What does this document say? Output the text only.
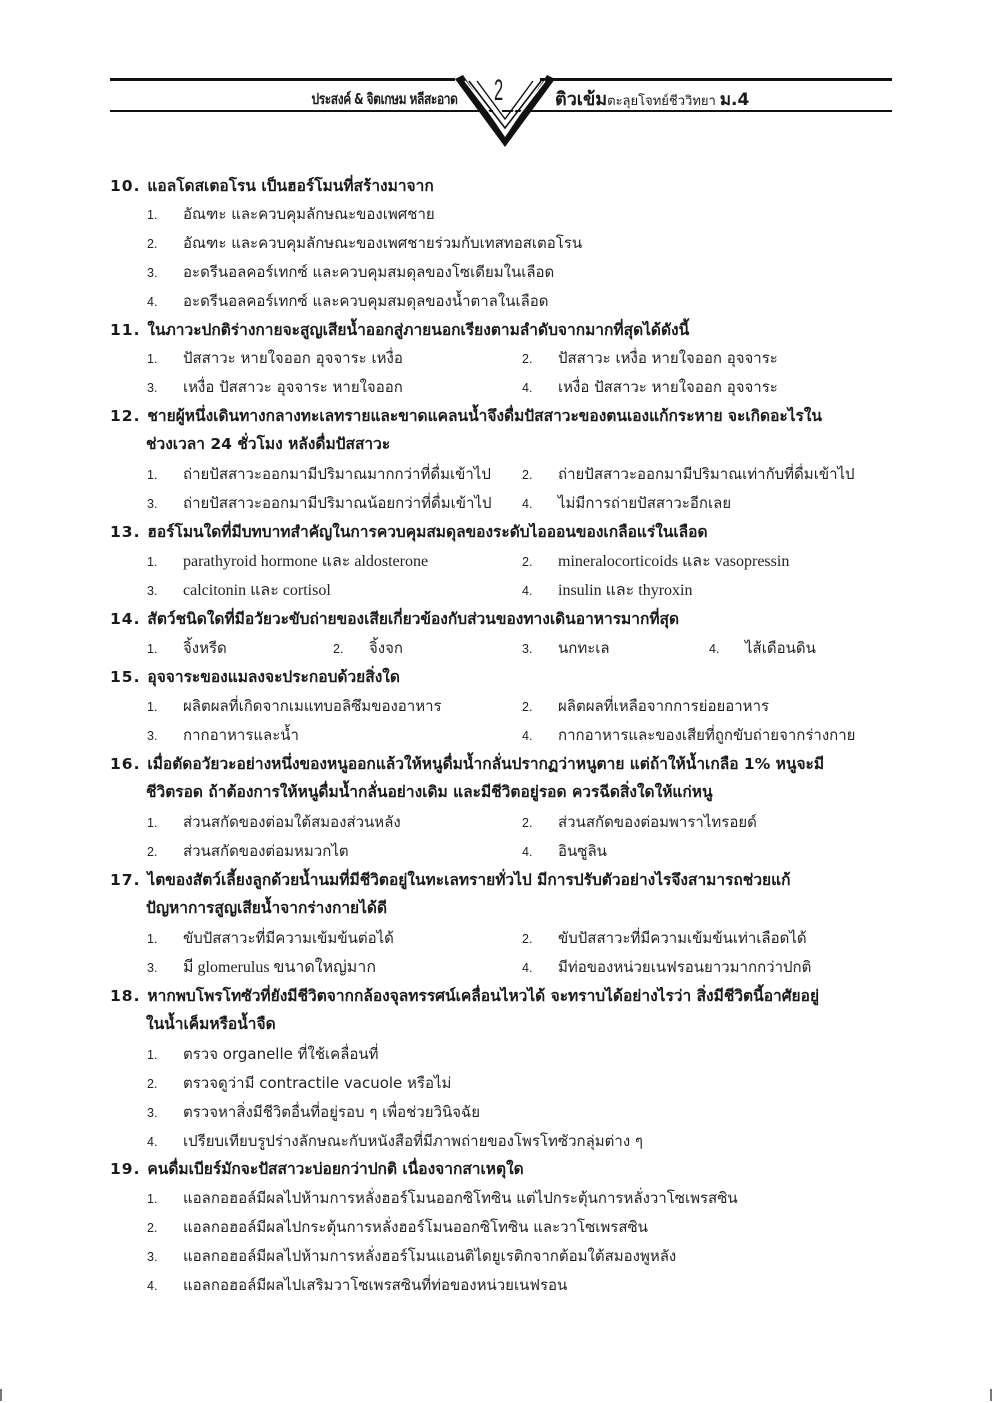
ประสงค์ & จิตเกษม หลีสะอาด 2	ติวเข้มตะลุยโจทย์ชีววิทยา ม.4
10. แอลโดสเตอโรน เป็นฮอร์โมนที่สร้างมาจาก
1. อัณฑะ และควบคุมลักษณะของเพศชาย
2. อัณฑะ และควบคุมลักษณะของเพศชายร่วมกับเทสทอสเตอโรน
3. อะดรีนอลคอร์เทกซ์ และควบคุมสมดุลของโซเดียมในเลือด
4. อะดรีนอลคอร์เทกซ์ และควบคุมสมดุลของน้ำตาลในเลือด
11. ในภาวะปกติร่างกายจะสูญเสียน้ำออกสู่ภายนอกเรียงตามลำดับจากมากที่สุดได้ดังนี้
1. ปัสสาวะ หายใจออก อุจจาระ เหงื่อ	2. ปัสสาวะ เหงื่อ หายใจออก อุจจาระ
3. เหงื่อ ปัสสาวะ อุจจาระ หายใจออก	4. เหงื่อ ปัสสาวะ หายใจออก อุจจาระ
12. ชายผู้หนึ่งเดินทางกลางทะเลทรายและขาดแคลนน้ำจึงดื่มปัสสาวะของตนเองแก้กระหาย จะเกิดอะไรใน
ช่วงเวลา 24 ชั่วโมง หลังดื่มปัสสาวะ
1. ถ่ายปัสสาวะออกมามีปริมาณมากกว่าที่ดื่มเข้าไป 2. ถ่ายปัสสาวะออกมามีปริมาณเท่ากับที่ดื่มเข้าไป
3. ถ่ายปัสสาวะออกมามีปริมาณน้อยกว่าที่ดื่มเข้าไป 4. ไม่มีการถ่ายปัสสาวะอีกเลย
13. ฮอร์โมนใดที่มีบทบาทสำคัญในการควบคุมสมดุลของระดับไอออนของเกลือแร่ในเลือด
1. parathyroid hormone และ aldosterone	2. mineralocorticoids และ vasopressin
3. calcitonin และ cortisol	4. insulin และ thyroxin
14. สัตว์ชนิดใดที่มีอวัยวะขับถ่ายของเสียเกี่ยวข้องกับส่วนของทางเดินอาหารมากที่สุด
1. จิ้งหรีด	2. จิ้งจก	3. นกทะเล	4. ไส้เดือนดิน
15. อุจจาระของแมลงจะประกอบด้วยสิ่งใด
1. ผลิตผลที่เกิดจากเมแทบอลิซึมของอาหาร	2. ผลิตผลที่เหลือจากการย่อยอาหาร
3. กากอาหารและน้ำ	4. กากอาหารและของเสียที่ถูกขับถ่ายจากร่างกาย
16. เมื่อตัดอวัยวะอย่างหนึ่งของหนูออกแล้วให้หนูดื่มน้ำกลั่นปรากฏว่าหนูตาย แต่ถ้าให้น้ำเกลือ 1% หนูจะมี
ชีวิตรอด ถ้าต้องการให้หนูดื่มน้ำกลั่นอย่างเดิม และมีชีวิตอยู่รอด ควรฉีดสิ่งใดให้แก่หนู
1. ส่วนสกัดของต่อมใต้สมองส่วนหลัง	2. ส่วนสกัดของต่อมพาราไทรอยด์
2. ส่วนสกัดของต่อมหมวกไต	4. อินซูลิน
17. ไตของสัตว์เลี้ยงลูกด้วยน้ำนมที่มีชีวิตอยู่ในทะเลทรายทั่วไป มีการปรับตัวอย่างไรจึงสามารถช่วยแก้
ปัญหาการสูญเสียน้ำจากร่างกายได้ดี
1. ขับปัสสาวะที่มีความเข้มข้นต่อได้	2. ขับปัสสาวะที่มีความเข้มข้นเท่าเลือดได้
3. มี glomerulus ขนาดใหญ่มาก	4. มีท่อของหน่วยเนฟรอนยาวมากกว่าปกติ
18. หากพบโพรโทซัวที่ยังมีชีวิตจากกล้องจุลทรรศน์เคลื่อนไหวได้ จะทราบได้อย่างไรว่า สิ่งมีชีวิตนี้อาศัยอยู่
ในน้ำเค็มหรือน้ำจืด
1. ตรวจ organelle ที่ใช้เคลื่อนที่
2. ตรวจดูว่ามี contractile vacuole หรือไม่
3. ตรวจหาสิ่งมีชีวิตอื่นที่อยู่รอบ ๆ เพื่อช่วยวินิจฉัย
4. เปรียบเทียบรูปร่างลักษณะกับหนังสือที่มีภาพถ่ายของโพรโทซัวกลุ่มต่าง ๆ
19. คนดื่มเบียร์มักจะปัสสาวะบ่อยกว่าปกติ เนื่องจากสาเหตุใด
1. แอลกอฮอล์มีผลไปห้ามการหลั่งฮอร์โมนออกซิโทซิน แต่ไปกระตุ้นการหลั่งวาโซเพรสซิน
2. แอลกอฮอล์มีผลไปกระตุ้นการหลั่งฮอร์โมนออกซิโทซิน และวาโซเพรสซิน
3. แอลกอฮอล์มีผลไปห้ามการหลั่งฮอร์โมนแอนติไดยูเรติกจากต้อมใต้สมองพูหลัง
4. แอลกอฮอล์มีผลไปเสริมวาโซเพรสซินที่ท่อของหน่วยเนฟรอน
